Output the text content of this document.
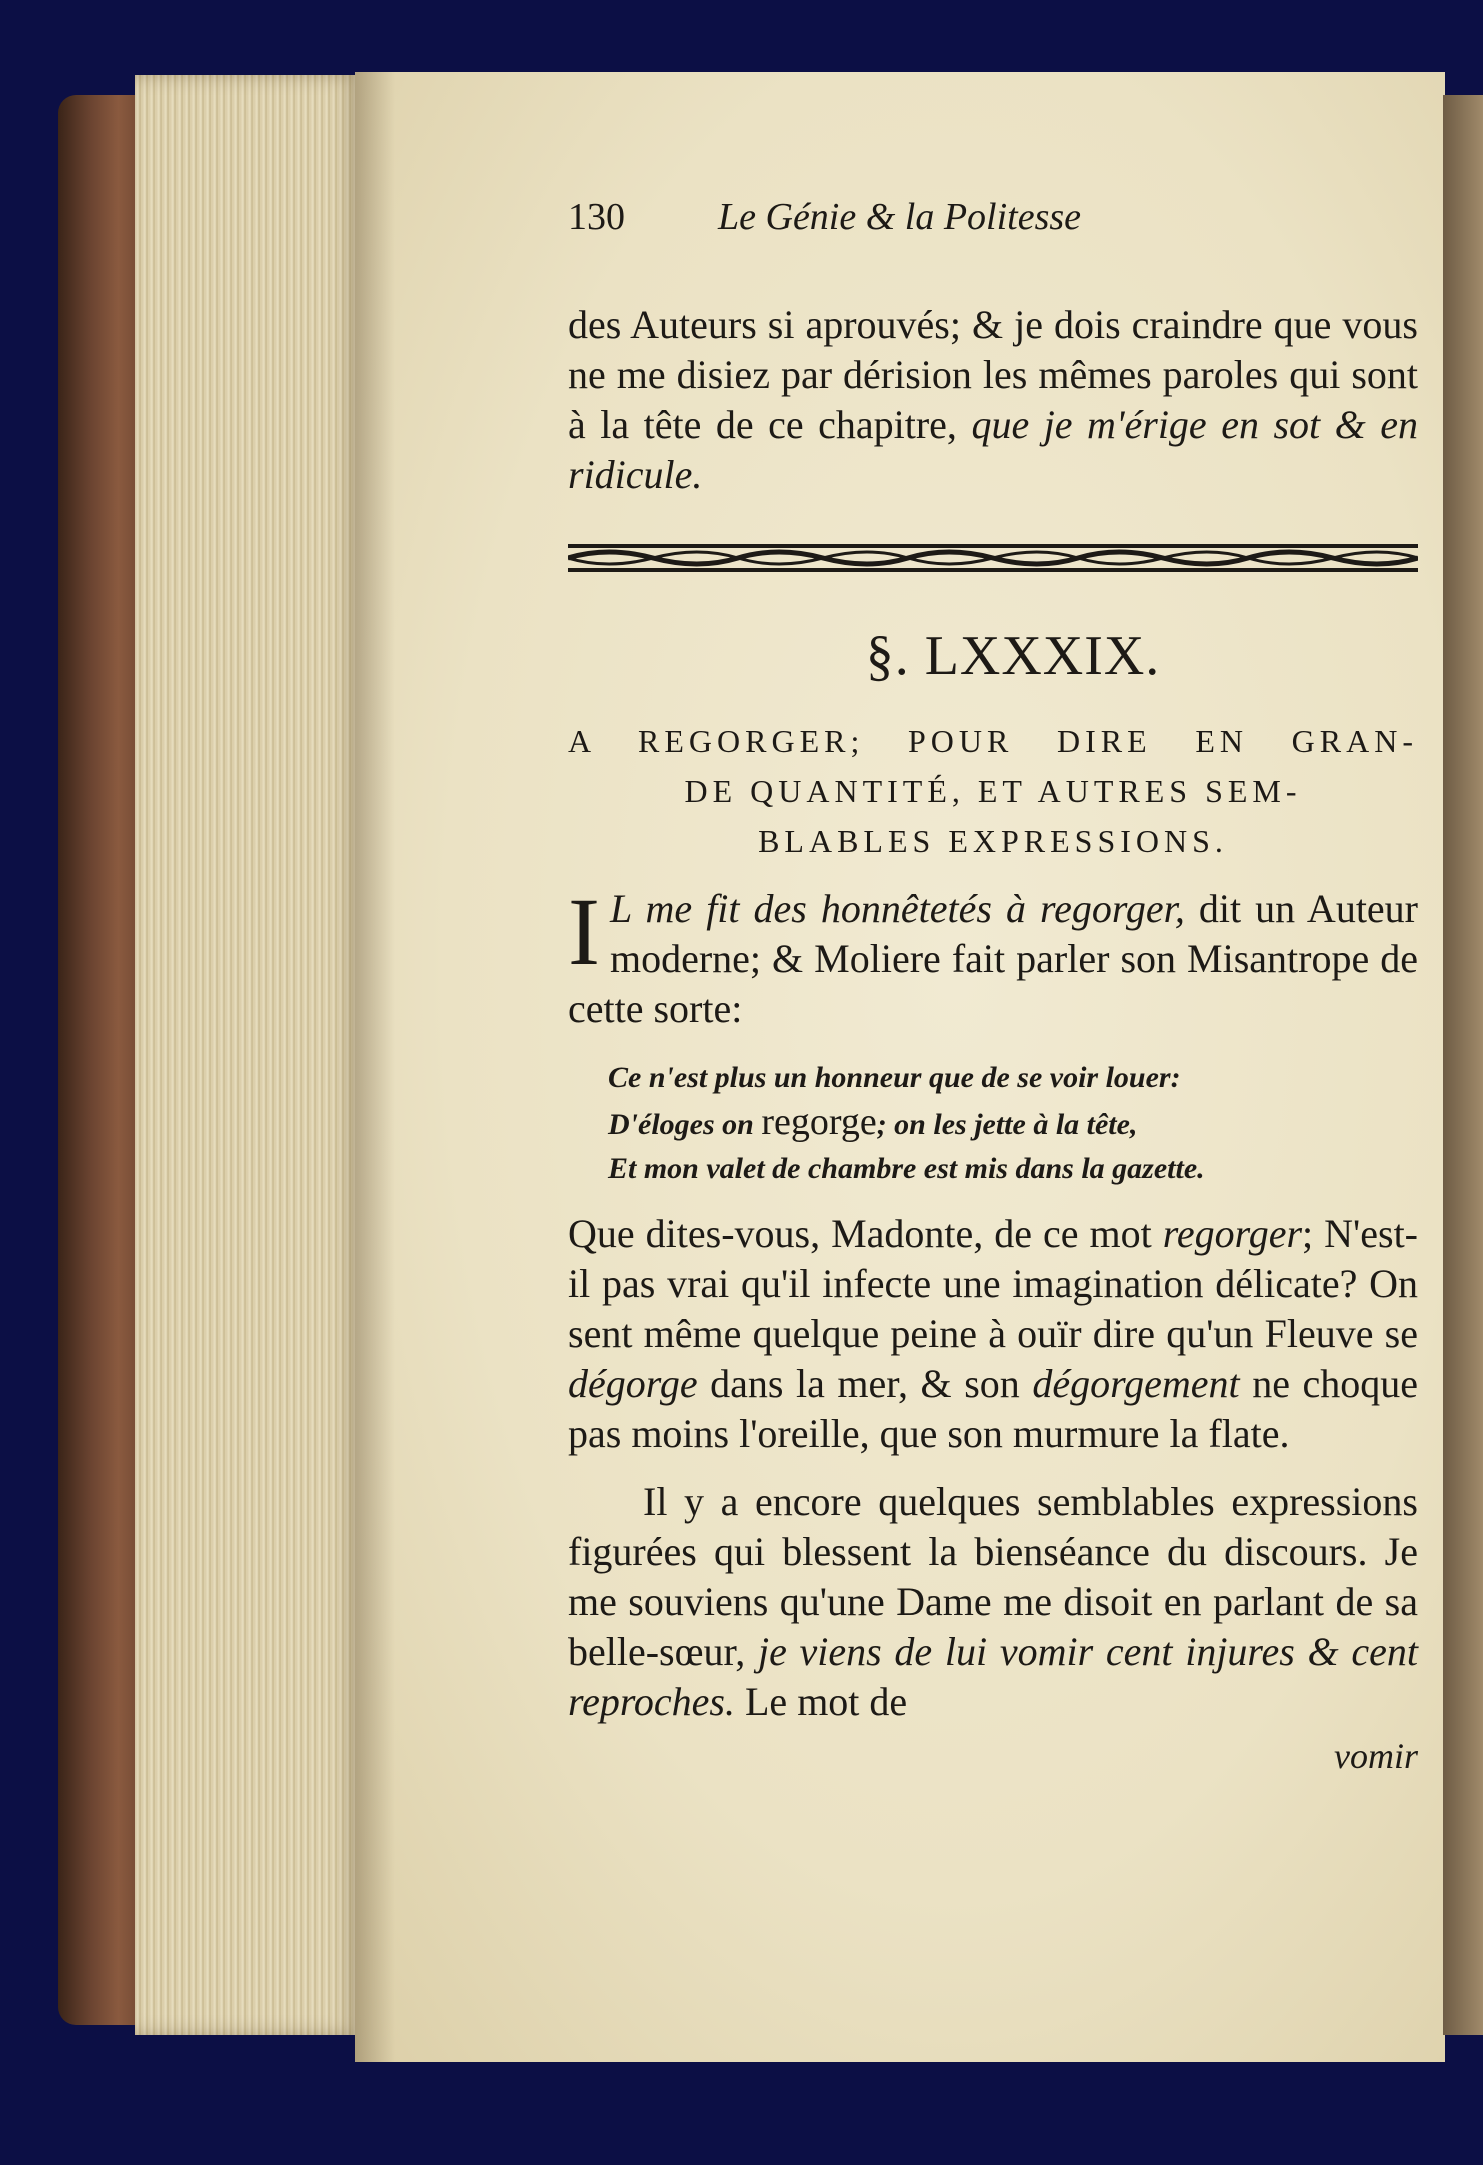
130	Le Génie & la Politesse

des Auteurs si aprouvés; & je dois craindre que vous ne me disiez par dérision les mêmes paroles qui sont à la tête de ce chapitre, que je m'érige en sot & en ridicule.

§. LXXXIX.
A REGORGER; POUR DIRE EN GRAN-
DE QUANTITÉ, ET AUTRES SEM-
BLABLES EXPRESSIONS.

I L me fit des honnêtetés à regorger, dit un Auteur moderne; & Moliere fait parler son Misantrope de cette sorte:

Ce n'est plus un honneur que de se voir louer:
D'éloges on regorge; on les jette à la tête,
Et mon valet de chambre est mis dans la gazette.

Que dites-vous, Madonte, de ce mot regorger; N'est-il pas vrai qu'il infecte une imagination délicate? On sent même quelque peine à ouïr dire qu'un Fleuve se dégorge dans la mer, & son dégorgement ne choque pas moins l'oreille, que son murmure la flate.

Il y a encore quelques semblables expressions figurées qui blessent la bienséance du discours. Je me souviens qu'une Dame me disoit en parlant de sa belle-sœur, je viens de lui vomir cent injures & cent reproches. Le mot de

vomir
